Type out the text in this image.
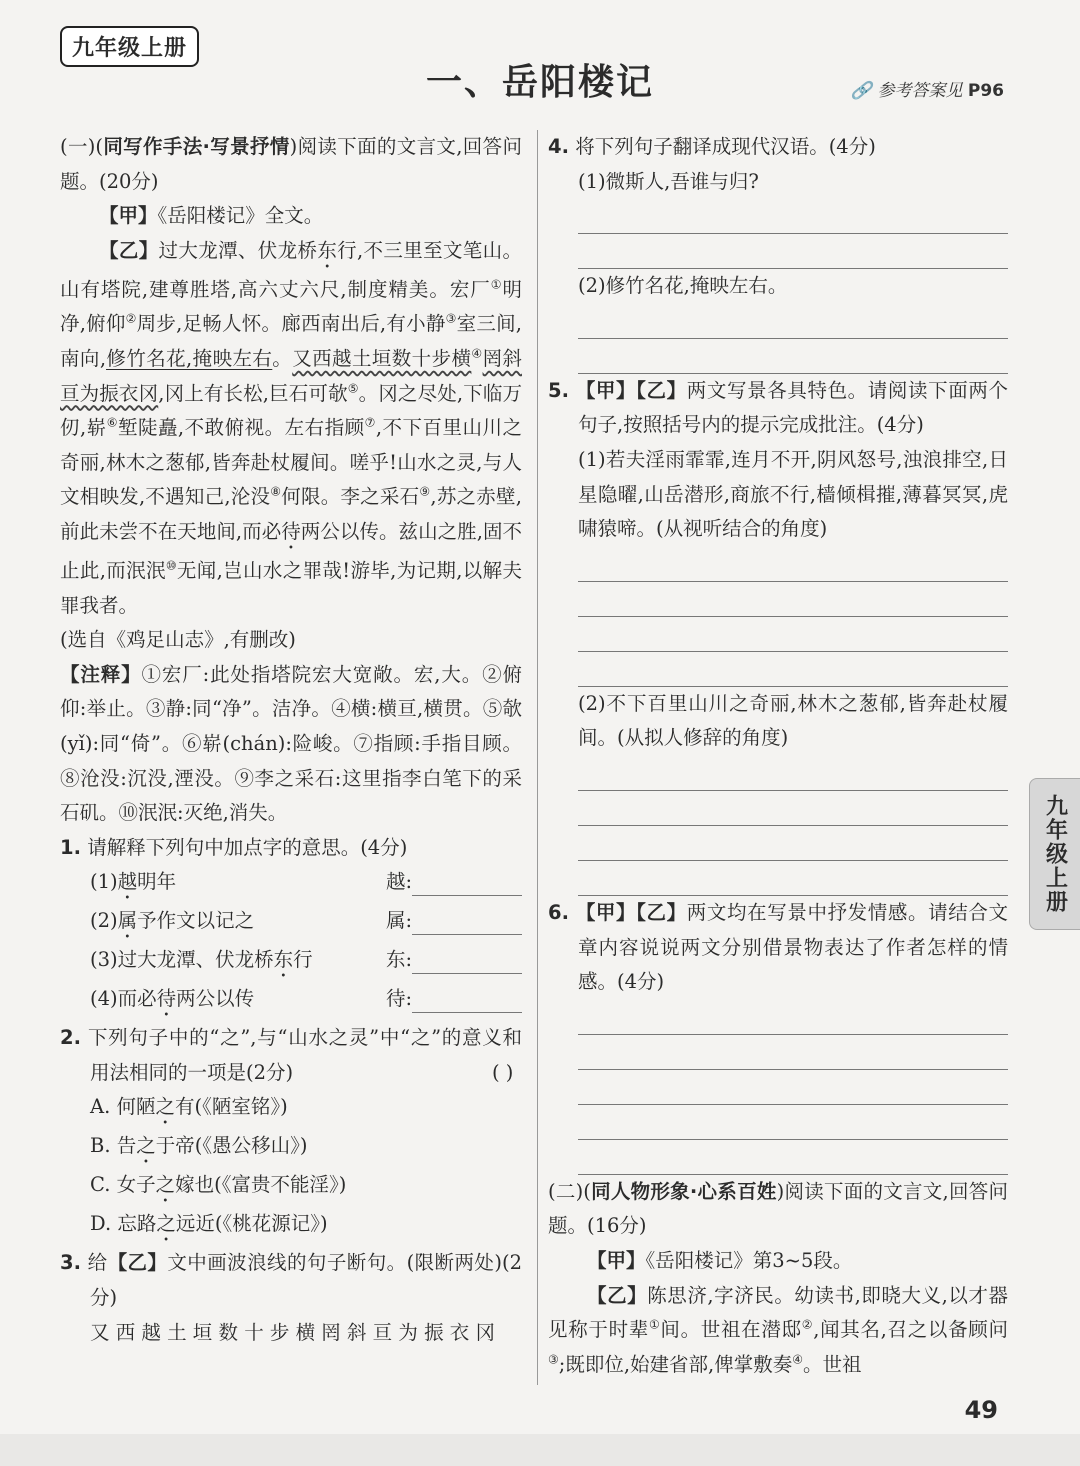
九年级上册
一、岳阳楼记	🔗 参考答案见 P96

(一)(同写作手法·写景抒情)阅读下面的文言文,回答问题。(20分)

【甲】《岳阳楼记》全文。

【乙】过大龙潭、伏龙桥东行,不三里至文笔山。山有塔院,建尊胜塔,高六丈六尺,制度精美。宏厂①明净,俯仰②周步,足畅人怀。廊西南出后,有小静③室三间,南向,修竹名花,掩映左右。又西越土垣数十步横④罔斜亘为振衣冈,冈上有长松,巨石可欹⑤。冈之尽处,下临万仞,崭⑥堑陡矗,不敢俯视。左右指顾⑦,不下百里山川之奇丽,林木之葱郁,皆奔赴杖履间。嗟乎!山水之灵,与人文相映发,不遇知己,沦没⑧何限。李之采石⑨,苏之赤壁,前此未尝不在天地间,而必待两公以传。兹山之胜,固不止此,而泯泯⑩无闻,岂山水之罪哉!游毕,为记期,以解夫罪我者。

(选自《鸡足山志》,有删改)

【注释】①宏厂:此处指塔院宏大宽敞。宏,大。②俯仰:举止。③静:同“净”。洁净。④横:横亘,横贯。⑤欹(yǐ):同“倚”。⑥崭(chán):险峻。⑦指顾:手指目顾。⑧沧没:沉没,湮没。⑨李之采石:这里指李白笔下的采石矶。⑩泯泯:灭绝,消失。

1. 请解释下列句中加点字的意思。(4分)

(1)越明年	越:
(2)属予作文以记之	属:
(3)过大龙潭、伏龙桥东行	东:
(4)而必待两公以传	待:

2. 下列句子中的“之”,与“山水之灵”中“之”的意义和用法相同的一项是(2分)	( )

A. 何陋之有(《陋室铭》)

B. 告之于帝(《愚公移山》)

C. 女子之嫁也(《富贵不能淫》)

D. 忘路之远近(《桃花源记》)

3. 给【乙】文中画波浪线的句子断句。(限断两处)(2分)

又 西 越 土 垣 数 十 步 横 罔 斜 亘 为 振 衣 冈

4. 将下列句子翻译成现代汉语。(4分)

(1)微斯人,吾谁与归?

(2)修竹名花,掩映左右。

5. 【甲】【乙】两文写景各具特色。请阅读下面两个句子,按照括号内的提示完成批注。(4分)

(1)若夫淫雨霏霏,连月不开,阴风怒号,浊浪排空,日星隐曜,山岳潜形,商旅不行,樯倾楫摧,薄暮冥冥,虎啸猿啼。(从视听结合的角度)

(2)不下百里山川之奇丽,林木之葱郁,皆奔赴杖履间。(从拟人修辞的角度)

6. 【甲】【乙】两文均在写景中抒发情感。请结合文章内容说说两文分别借景物表达了作者怎样的情感。(4分)

(二)(同人物形象·心系百姓)阅读下面的文言文,回答问题。(16分)

【甲】《岳阳楼记》第3~5段。

【乙】陈思济,字济民。幼读书,即晓大义,以才器见称于时辈①间。世祖在潜邸②,闻其名,召之以备顾问③;既即位,始建省部,俾掌敷奏④。世祖

九年级上册
49
